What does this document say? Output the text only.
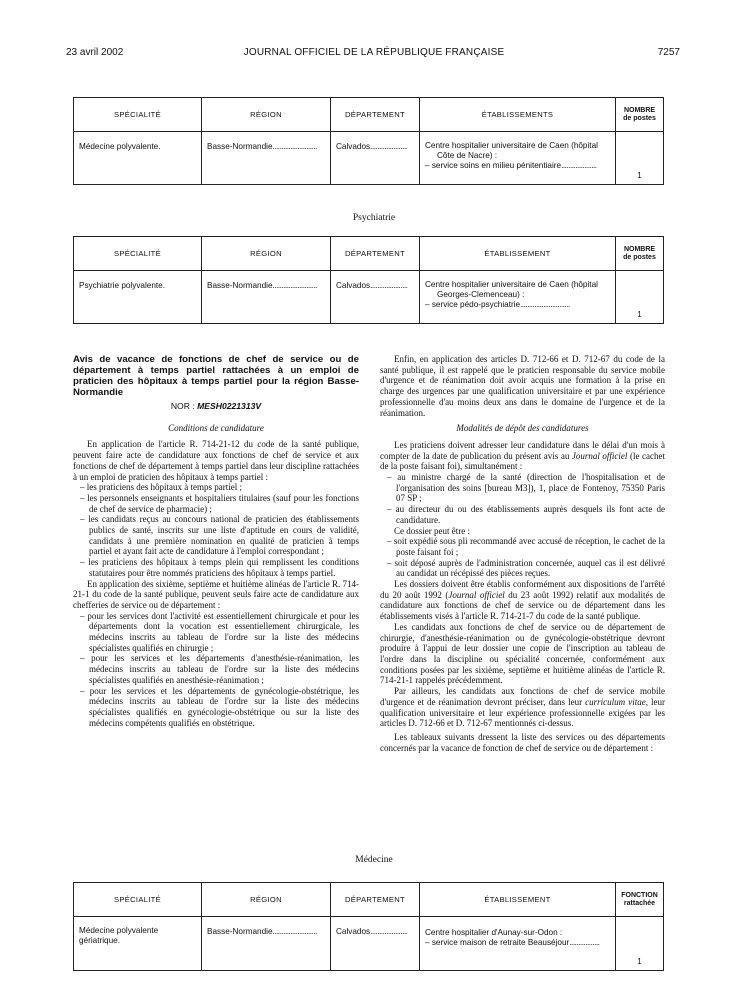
23 avril 2002	JOURNAL OFFICIEL DE LA RÉPUBLIQUE FRANÇAISE	7257
SPÉCIALITÉ	RÉGION	DÉPARTEMENT	ÉTABLISSEMENTS	NOMBRE
de postes
Médecine polyvalente.	Basse-Normandie.........................	Calvados.....................	Centre hospitalier universitaire de Caen (hôpital
Côte de Nacre) :
– service soins en milieu pénitentiaire....................	1
Psychiatrie
SPÉCIALITÉ	RÉGION	DÉPARTEMENT	ÉTABLISSEMENT	NOMBRE
de postes
Psychiatrie polyvalente.	Basse-Normandie.........................	Calvados.....................	Centre hospitalier universitaire de Caen (hôpital
Georges-Clemenceau) :
– service pédo-psychiatrie............................	1

Avis de vacance de fonctions de chef de service ou de département à temps partiel rattachées à un emploi de praticien des hôpitaux à temps partiel pour la région Basse-Normandie

NOR : MESH0221313V

Conditions de candidature

En application de l'article R. 714-21-12 du code de la santé publique, peuvent faire acte de candidature aux fonctions de chef de service et aux fonctions de chef de département à temps partiel dans leur discipline rattachées à un emploi de praticien des hôpitaux à temps partiel :

– les praticiens des hôpitaux à temps partiel ;
– les personnels enseignants et hospitaliers titulaires (sauf pour les fonctions de chef de service de pharmacie) ;
– les candidats reçus au concours national de praticien des établissements publics de santé, inscrits sur une liste d'aptitude en cours de validité, candidats à une première nomination en qualité de praticien à temps partiel et ayant fait acte de candidature à l'emploi correspondant ;
– les praticiens des hôpitaux à temps plein qui remplissent les conditions statutaires pour être nommés praticiens des hôpitaux à temps partiel.

En application des sixième, septième et huitième alinéas de l'article R. 714-21-1 du code de la santé publique, peuvent seuls faire acte de candidature aux chefferies de service ou de département :

– pour les services dont l'activité est essentiellement chirurgicale et pour les départements dont la vocation est essentiellement chirurgicale, les médecins inscrits au tableau de l'ordre sur la liste des médecins spécialistes qualifiés en chirurgie ;
– pour les services et les départements d'anesthésie-réanimation, les médecins inscrits au tableau de l'ordre sur la liste des médecins spécialistes qualifiés en anesthésie-réanimation ;
– pour les services et les départements de gynécologie-obstétrique, les médecins inscrits au tableau de l'ordre sur la liste des médecins spécialistes qualifiés en gynécologie-obstétrique ou sur la liste des médecins compétents qualifiés en obstétrique.

Enfin, en application des articles D. 712-66 et D. 712-67 du code de la santé publique, il est rappelé que le praticien responsable du service mobile d'urgence et de réanimation doit avoir acquis une formation à la prise en charge des urgences par une qualification universitaire et par une expérience professionnelle d'au moins deux ans dans le domaine de l'urgence et de la réanimation.

Modalités de dépôt des candidatures

Les praticiens doivent adresser leur candidature dans le délai d'un mois à compter de la date de publication du présent avis au Journal officiel (le cachet de la poste faisant foi), simultanément :

– au ministre chargé de la santé (direction de l'hospitalisation et de l'organisation des soins [bureau M3]), 1, place de Fontenoy, 75350 Paris 07 SP ;
– au directeur du ou des établissements auprès desquels ils font acte de candidature.

Ce dossier peut être :

– soit expédié sous pli recommandé avec accusé de réception, le cachet de la poste faisant foi ;
– soit déposé auprès de l'administration concernée, auquel cas il est délivré au candidat un récépissé des pièces reçues.

Les dossiers doivent être établis conformément aux dispositions de l'arrêté du 20 août 1992 (Journal officiel du 23 août 1992) relatif aux modalités de candidature aux fonctions de chef de service ou de département dans les établissements visés à l'article R. 714-21-7 du code de la santé publique.

Les candidats aux fonctions de chef de service ou de département de chirurgie, d'anesthésie-réanimation ou de gynécologie-obstétrique devront produire à l'appui de leur dossier une copie de l'inscription au tableau de l'ordre dans la discipline ou spécialité concernée, conformément aux conditions posées par les sixième, septième et huitième alinéas de l'article R. 714-21-1 rappelés précédemment.

Par ailleurs, les candidats aux fonctions de chef de service mobile d'urgence et de réanimation devront préciser, dans leur curriculum vitae, leur qualification universitaire et leur expérience professionnelle exigées par les articles D. 712-66 et D. 712-67 mentionnés ci-dessus.

Les tableaux suivants dressent la liste des services ou des départements concernés par la vacance de fonction de chef de service ou de département :

Médecine
SPÉCIALITÉ	RÉGION	DÉPARTEMENT	ÉTABLISSEMENT	FONCTION
rattachée
Médecine polyvalente gériatrique.	Basse-Normandie.........................	Calvados.....................	Centre hospitalier d'Aunay-sur-Odon :
– service maison de retraite Beauséjour.................	1
